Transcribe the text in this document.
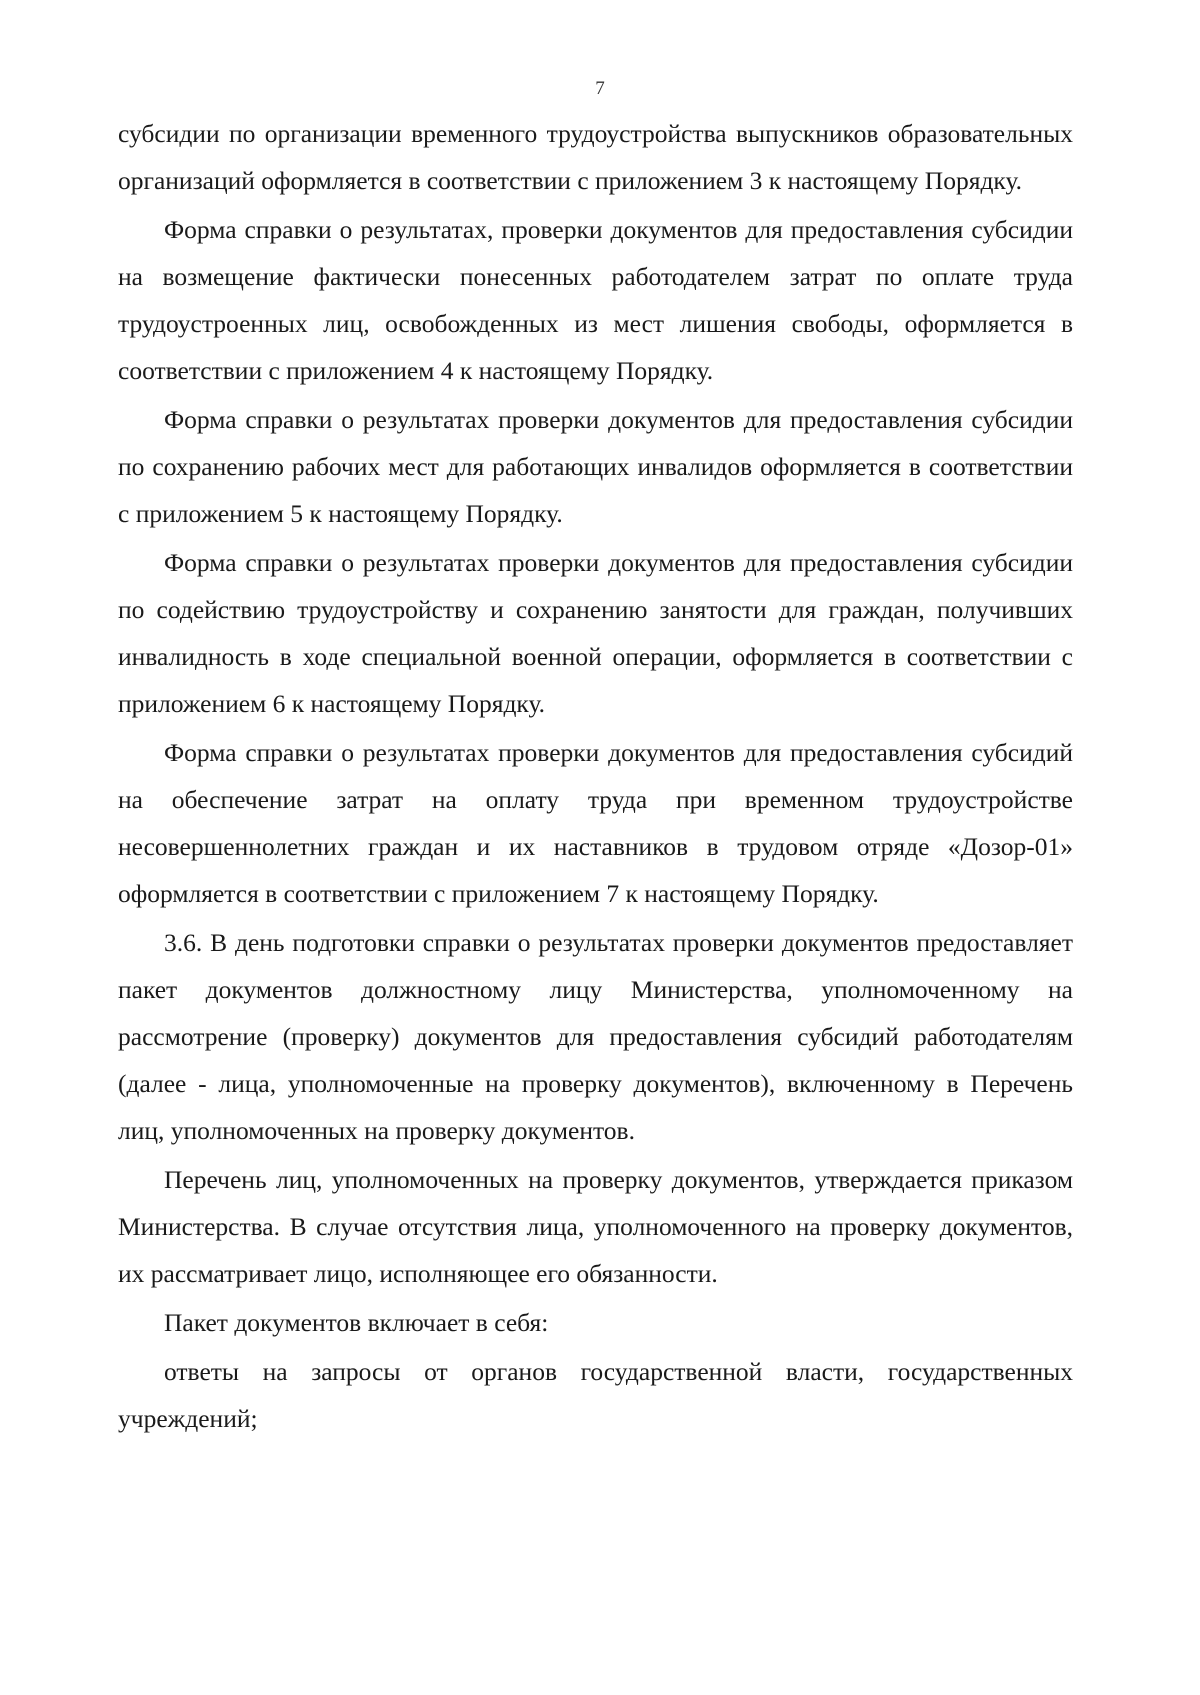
7

субсидии по организации временного трудоустройства выпускников образовательных организаций оформляется в соответствии с приложением 3 к настоящему Порядку.

Форма справки о результатах, проверки документов для предоставления субсидии на возмещение фактически понесенных работодателем затрат по оплате труда трудоустроенных лиц, освобожденных из мест лишения свободы, оформляется в соответствии с приложением 4 к настоящему Порядку.

Форма справки о результатах проверки документов для предоставления субсидии по сохранению рабочих мест для работающих инвалидов оформляется в соответствии с приложением 5 к настоящему Порядку.

Форма справки о результатах проверки документов для предоставления субсидии по содействию трудоустройству и сохранению занятости для граждан, получивших инвалидность в ходе специальной военной операции, оформляется в соответствии с приложением 6 к настоящему Порядку.

Форма справки о результатах проверки документов для предоставления субсидий на обеспечение затрат на оплату труда при временном трудоустройстве несовершеннолетних граждан и их наставников в трудовом отряде «Дозор-01» оформляется в соответствии с приложением 7 к настоящему Порядку.

3.6. В день подготовки справки о результатах проверки документов предоставляет пакет документов должностному лицу Министерства, уполномоченному на рассмотрение (проверку) документов для предоставления субсидий работодателям (далее - лица, уполномоченные на проверку документов), включенному в Перечень лиц, уполномоченных на проверку документов.

Перечень лиц, уполномоченных на проверку документов, утверждается приказом Министерства. В случае отсутствия лица, уполномоченного на проверку документов, их рассматривает лицо, исполняющее его обязанности.

Пакет документов включает в себя:

ответы на запросы от органов государственной власти, государственных учреждений;
